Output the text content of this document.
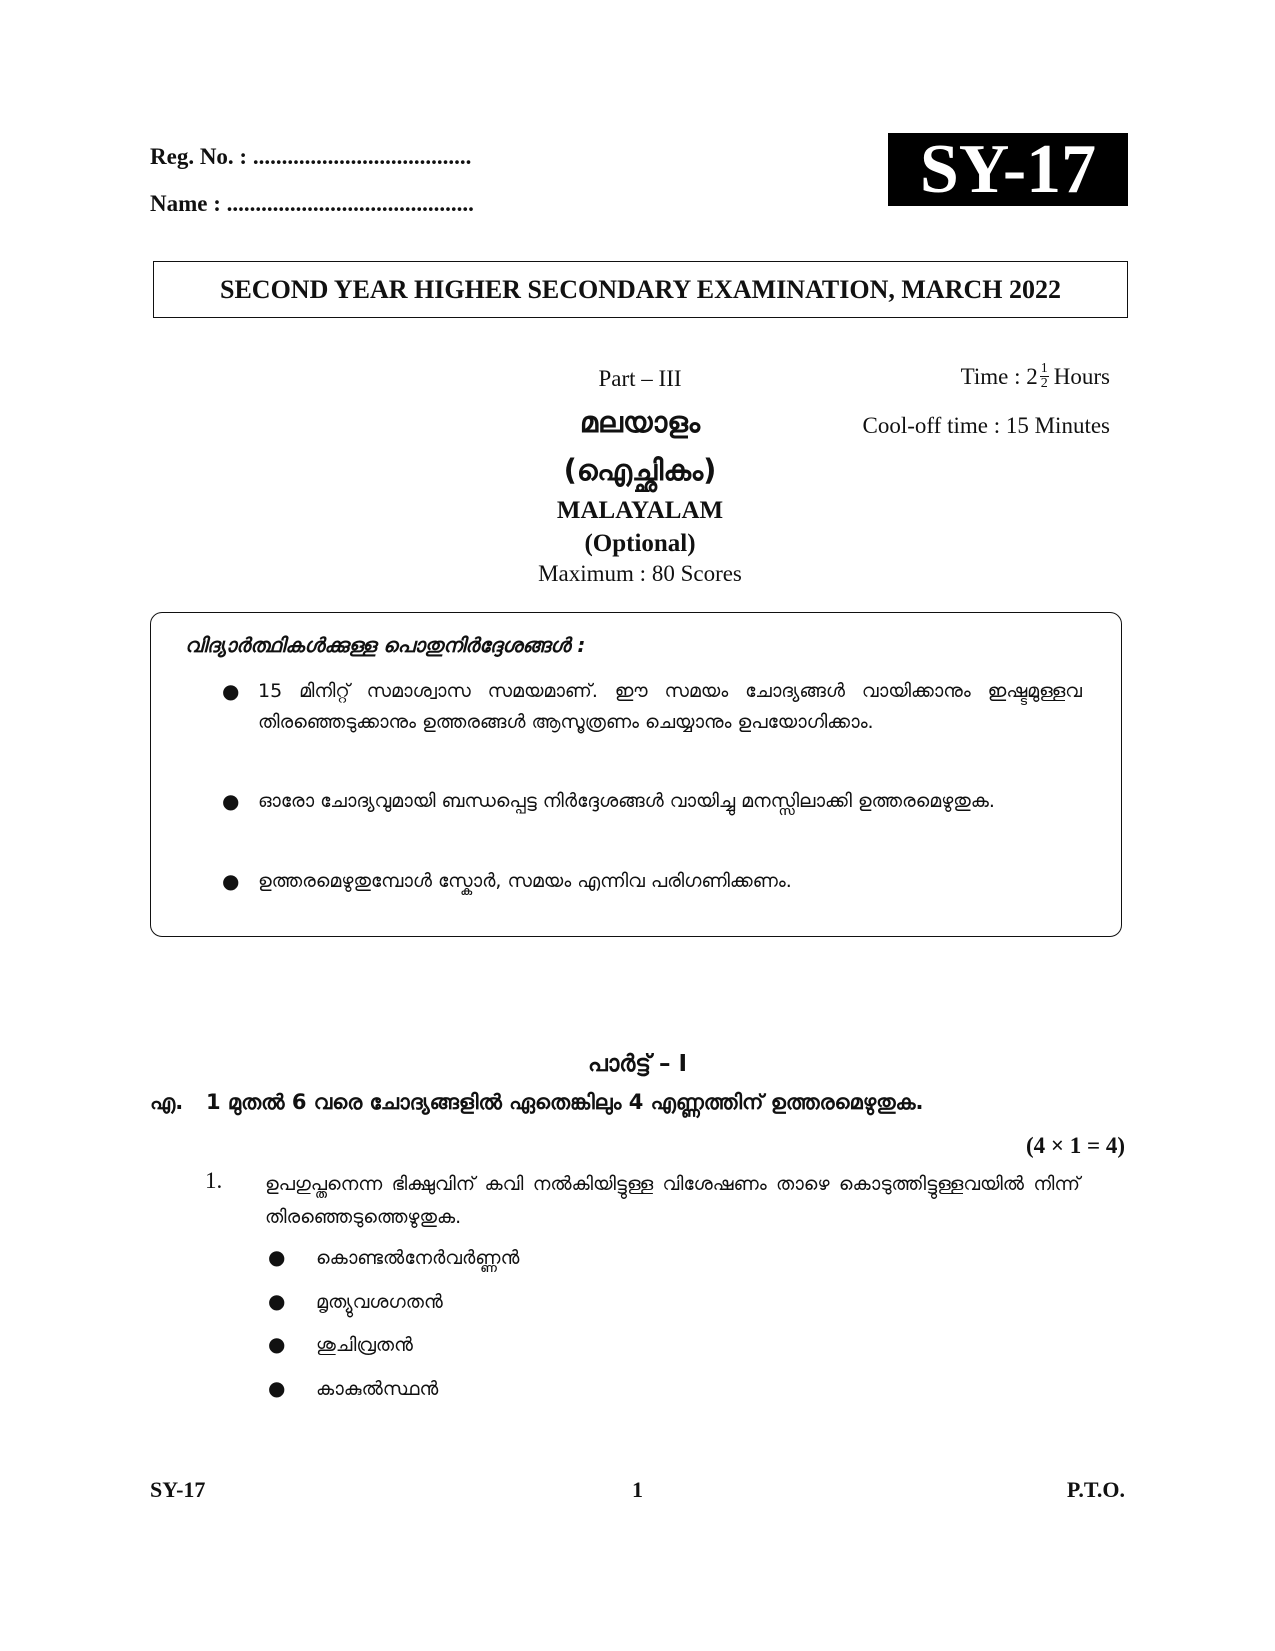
Reg. No. : ......................................
Name : ...........................................	SY-17
SECOND YEAR HIGHER SECONDARY EXAMINATION, MARCH 2022
Part – III
മലയാളം
(ഐച്ഛികം)
MALAYALAM
(Optional)
Maximum : 80 Scores
Time : $2 \frac{1}{2}$ Hours
Cool-off time : 15 Minutes
വിദ്യാർത്ഥികൾക്കുള്ള പൊതുനിർദ്ദേശങ്ങൾ :
● 15 മിനിറ്റ് സമാശ്വാസ സമയമാണ്. ഈ സമയം ചോദ്യങ്ങൾ വായിക്കാനും ഇഷ്ടമുള്ളവ തിരഞ്ഞെടുക്കാനും ഉത്തരങ്ങൾ ആസൂത്രണം ചെയ്യാനും ഉപയോഗിക്കാം.
● ഓരോ ചോദ്യവുമായി ബന്ധപ്പെട്ട നിർദ്ദേശങ്ങൾ വായിച്ചു മനസ്സിലാക്കി ഉത്തരമെഴുതുക.
● ഉത്തരമെഴുതുമ്പോൾ സ്കോർ, സമയം എന്നിവ പരിഗണിക്കണം.
പാർട്ട് – I
എ. 1 മുതൽ 6 വരെ ചോദ്യങ്ങളിൽ ഏതെങ്കിലും 4 എണ്ണത്തിന് ഉത്തരമെഴുതുക.
(4 × 1 = 4)
1. ഉപഗുപ്തനെന്ന ഭിക്ഷുവിന് കവി നൽകിയിട്ടുള്ള വിശേഷണം താഴെ കൊടുത്തിട്ടുള്ളവയിൽ നിന്ന് തിരഞ്ഞെടുത്തെഴുതുക.
● കൊണ്ടൽനേർവർണ്ണൻ
● മൃത്യുവശഗതൻ
● ശുചിവ്രതൻ
● കാകുൽസ്ഥൻ
SY-17	1	P.T.O.
